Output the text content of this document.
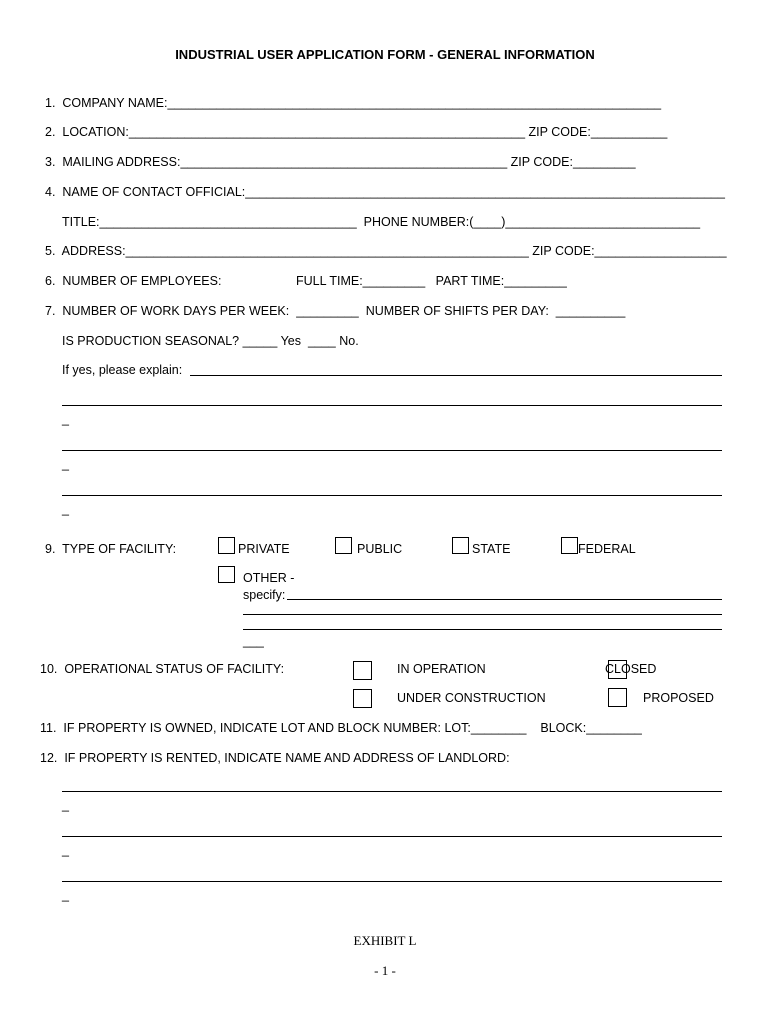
INDUSTRIAL USER APPLICATION FORM - GENERAL INFORMATION
1.  COMPANY NAME:_______________________________________________________________________
2.  LOCATION:_________________________________________________________ ZIP CODE:___________
3.  MAILING ADDRESS:_______________________________________________ ZIP CODE:_________
4.  NAME OF CONTACT OFFICIAL:_____________________________________________________________________
TITLE:_____________________________________  PHONE NUMBER:(____)____________________________
5.  ADDRESS:__________________________________________________________ ZIP CODE:___________________
6.  NUMBER OF EMPLOYEES:	FULL TIME:_________   PART TIME:_________
7.  NUMBER OF WORK DAYS PER WEEK:  _________  NUMBER OF SHIFTS PER DAY:  __________
IS PRODUCTION SEASONAL? _____ Yes  ____ No.
If yes, please explain:
_
_
_
9.  TYPE OF FACILITY:	PRIVATE	PUBLIC	STATE	FEDERAL
OTHER -
specify:
___
10.  OPERATIONAL STATUS OF FACILITY:	IN OPERATION	CLOSED
UNDER CONSTRUCTION	PROPOSED
11.  IF PROPERTY IS OWNED, INDICATE LOT AND BLOCK NUMBER: LOT:________    BLOCK:________
12.  IF PROPERTY IS RENTED, INDICATE NAME AND ADDRESS OF LANDLORD:
_
_
_
EXHIBIT L
- 1 -
